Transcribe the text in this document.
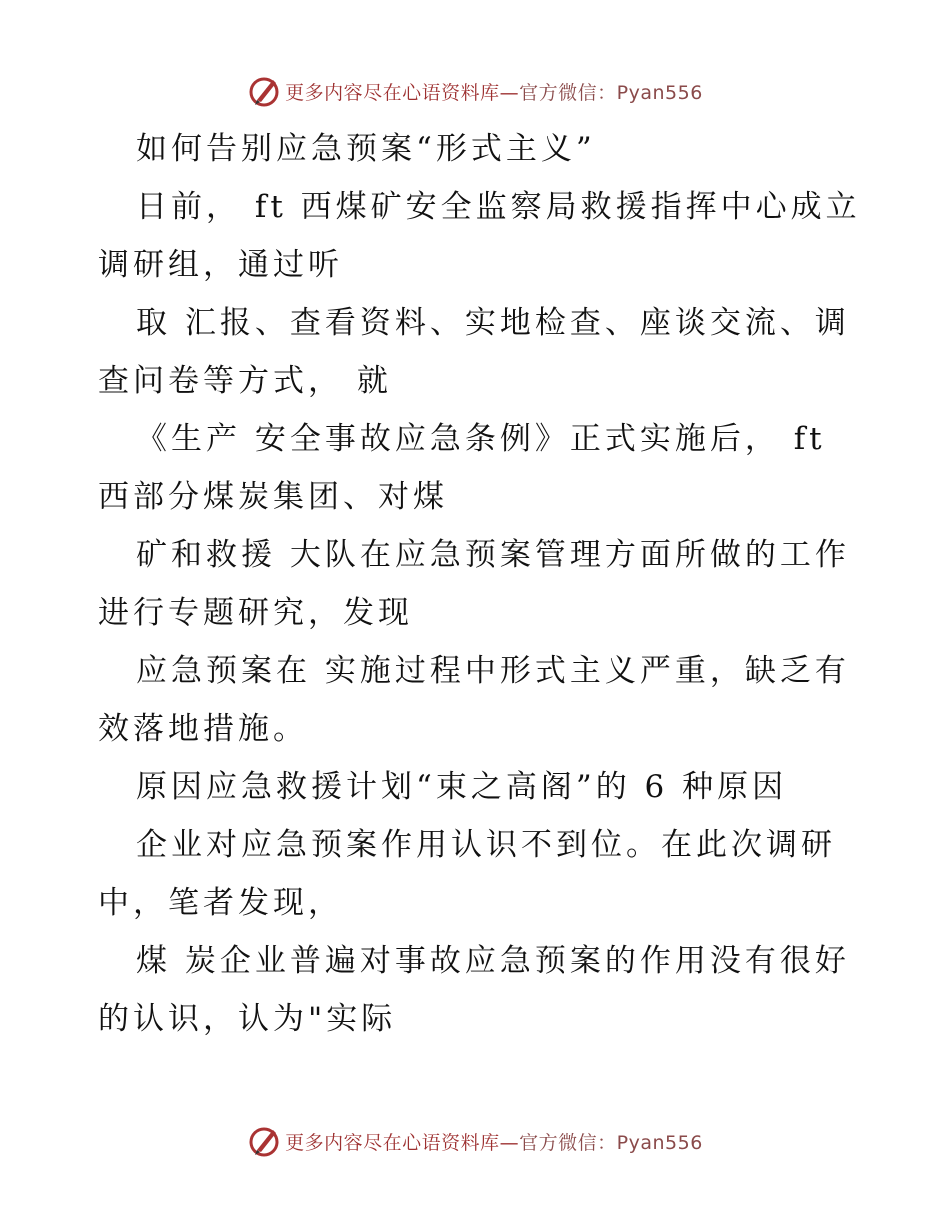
更多内容尽在心语资料库—官方微信：Pyan556
如何告别应急预案“形式主义”
日前， ft 西煤矿安全监察局救援指挥中心成立
调研组，通过听
取 汇报、查看资料、实地检查、座谈交流、调
查问卷等方式， 就
《生产 安全事故应急条例》正式实施后， ft
西部分煤炭集团、对煤
矿和救援 大队在应急预案管理方面所做的工作
进行专题研究，发现
应急预案在 实施过程中形式主义严重，缺乏有
效落地措施。
原因应急救援计划“束之高阁”的 6 种原因
企业对应急预案作用认识不到位。在此次调研
中，笔者发现，
煤 炭企业普遍对事故应急预案的作用没有很好
的认识，认为"实际
更多内容尽在心语资料库—官方微信：Pyan556
